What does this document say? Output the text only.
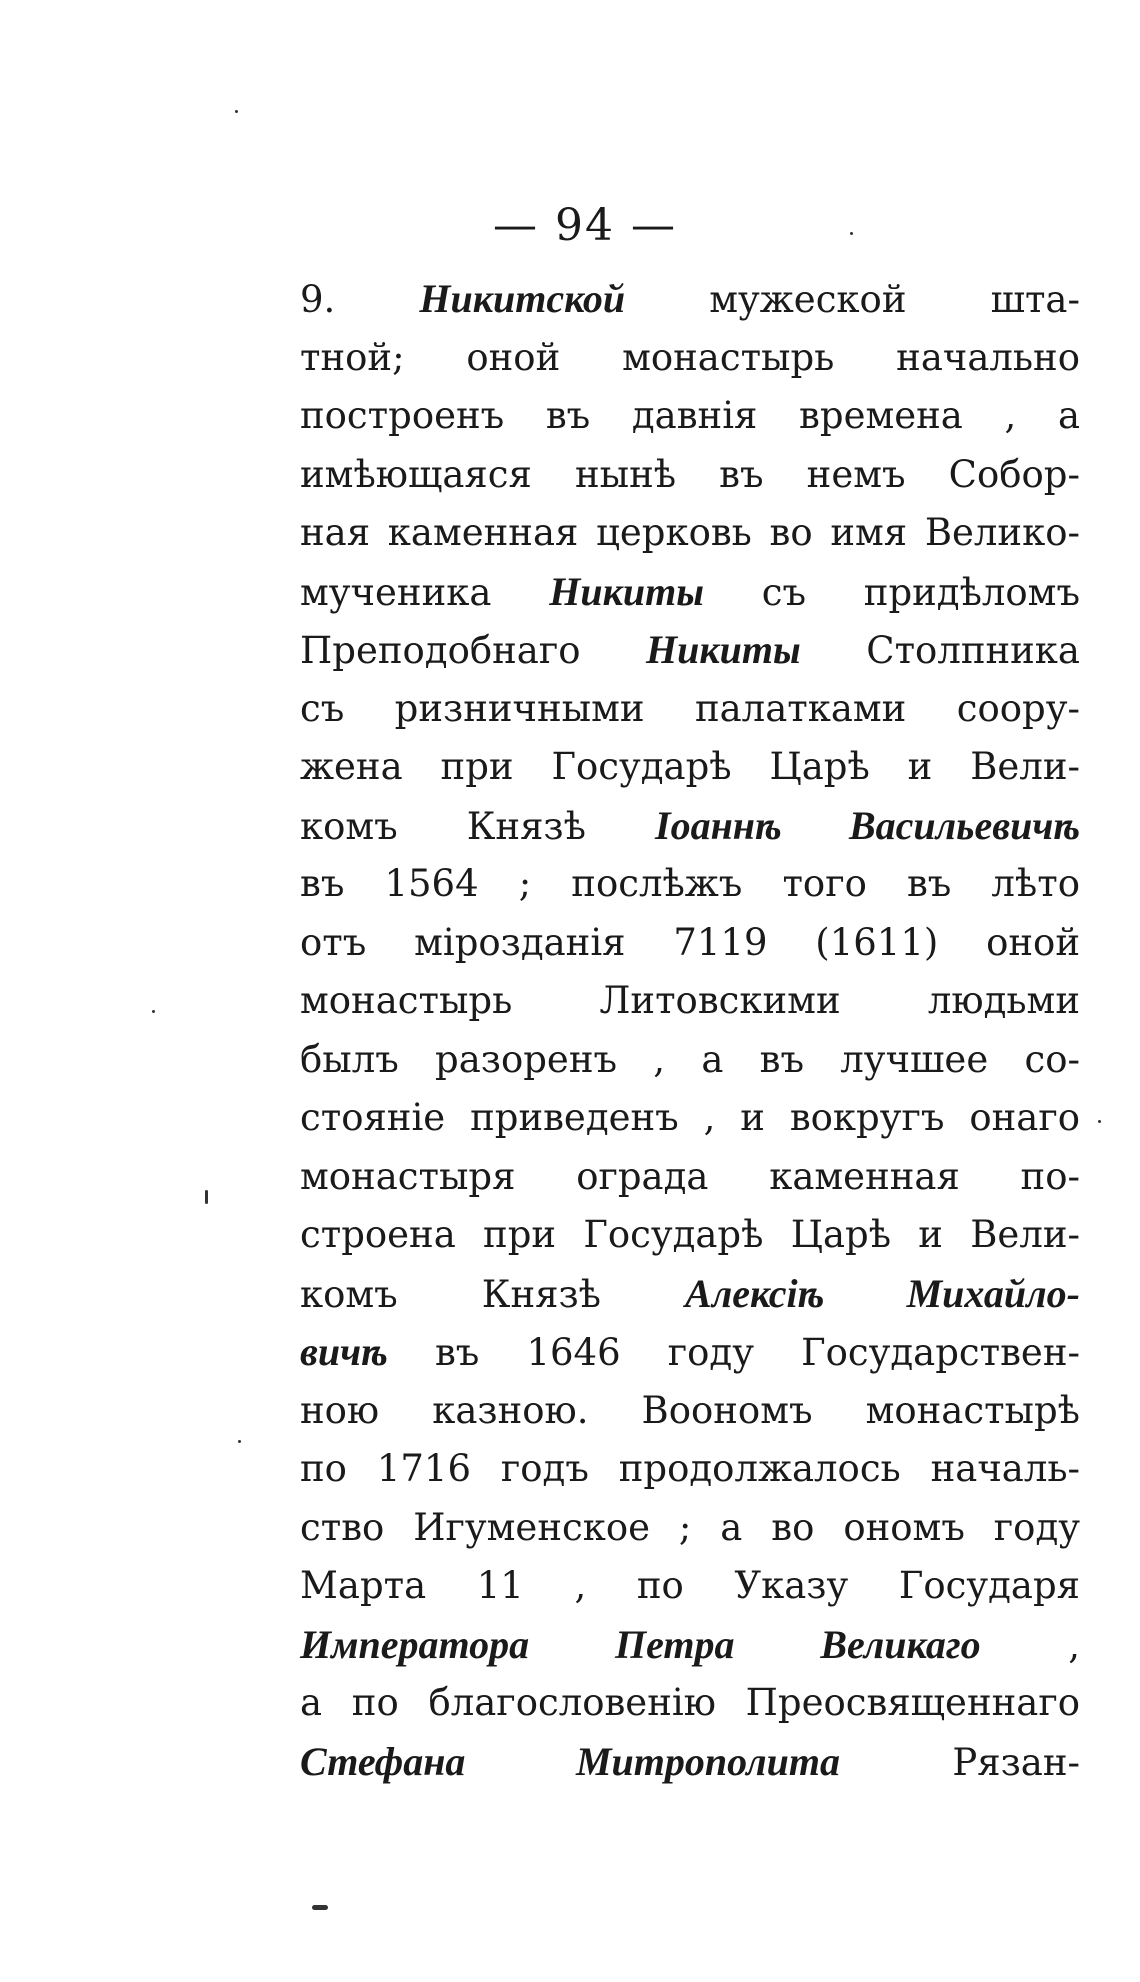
— 94 —
9. Никитской мужеской шта-
тной; оной монастырь начально
построенъ въ давнія времена , а
имѣющаяся нынѣ въ немъ Собор-
ная каменная церковь во имя Велико-
мученика Никиты съ придѣломъ
Преподобнаго Никиты Столпника
съ ризничными палатками соору-
жена при Государѣ Царѣ и Вели-
комъ Князѣ Іоаннѣ Васильевичѣ
въ 1564 ; послѣжъ того въ лѣто
отъ мірозданія 7119 (1611) оной
монастырь Литовскими людьми
былъ разоренъ , а въ лучшее со-
стояніе приведенъ , и вокругъ онаго
монастыря ограда каменная по-
строена при Государѣ Царѣ и Вели-
комъ Князѣ Алексіѣ Михайло-
вичѣ въ 1646 году Государствен-
ною казною. Воономъ монастырѣ
по 1716 годъ продолжалось началь-
ство Игуменское ; а во ономъ году
Марта 11 , по Указу Государя
Императора Петра Великаго ,
а по благословенію Преосвященнаго
Стефана Митрополита Рязан-
